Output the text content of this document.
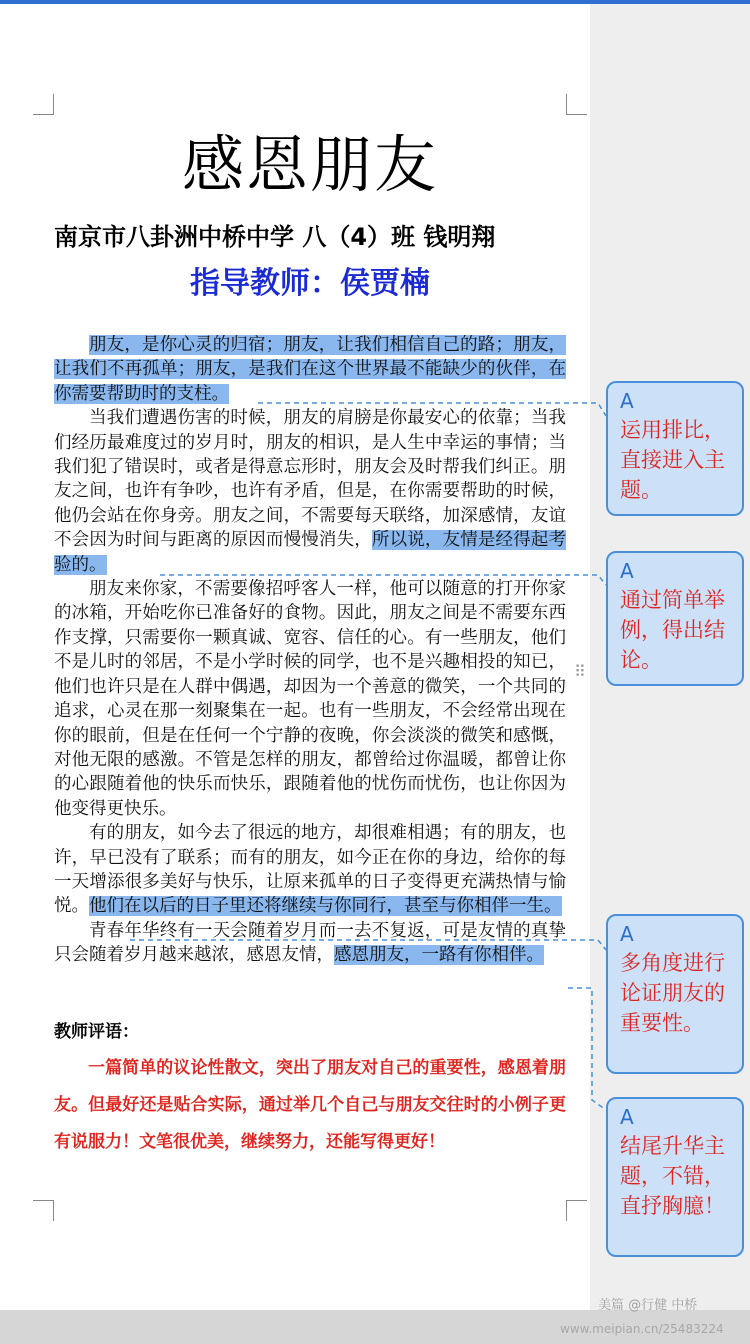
感恩朋友
南京市八卦洲中桥中学 八（4）班 钱明翔
指导教师：侯贾楠

朋友，是你心灵的归宿；朋友，让我们相信自己的路；朋友，让我们不再孤单；朋友，是我们在这个世界最不能缺少的伙伴，在你需要帮助时的支柱。

当我们遭遇伤害的时候，朋友的肩膀是你最安心的依靠；当我们经历最难度过的岁月时，朋友的相识，是人生中幸运的事情；当我们犯了错误时，或者是得意忘形时，朋友会及时帮我们纠正。朋友之间，也许有争吵，也许有矛盾，但是，在你需要帮助的时候，他仍会站在你身旁。朋友之间，不需要每天联络，加深感情，友谊不会因为时间与距离的原因而慢慢消失，所以说，友情是经得起考验的。

朋友来你家，不需要像招呼客人一样，他可以随意的打开你家的冰箱，开始吃你已准备好的食物。因此，朋友之间是不需要东西作支撑，只需要你一颗真诚、宽容、信任的心。有一些朋友，他们不是儿时的邻居，不是小学时候的同学，也不是兴趣相投的知已，他们也许只是在人群中偶遇，却因为一个善意的微笑，一个共同的追求，心灵在那一刻聚集在一起。也有一些朋友，不会经常出现在你的眼前，但是在任何一个宁静的夜晚，你会淡淡的微笑和感慨，对他无限的感激。不管是怎样的朋友，都曾给过你温暖，都曾让你的心跟随着他的快乐而快乐，跟随着他的忧伤而忧伤，也让你因为他变得更快乐。

有的朋友，如今去了很远的地方，却很难相遇；有的朋友，也许，早已没有了联系；而有的朋友，如今正在你的身边，给你的每一天增添很多美好与快乐，让原来孤单的日子变得更充满热情与愉悦。他们在以后的日子里还将继续与你同行，甚至与你相伴一生。

青春年华终有一天会随着岁月而一去不复返，可是友情的真挚只会随着岁月越来越浓，感恩友情，感恩朋友，一路有你相伴。

教师评语：
一篇简单的议论性散文，突出了朋友对自己的重要性，感恩着朋友。但最好还是贴合实际，通过举几个自己与朋友交往时的小例子更有说服力！文笔很优美，继续努力，还能写得更好！
⠿
A
运用排比，直接进入主题。
A
通过简单举例，得出结论。
A
多角度进行论证朋友的重要性。
A
结尾升华主题，不错，直抒胸臆！
美篇 @行健 中桥
www.meipian.cn/25483224
